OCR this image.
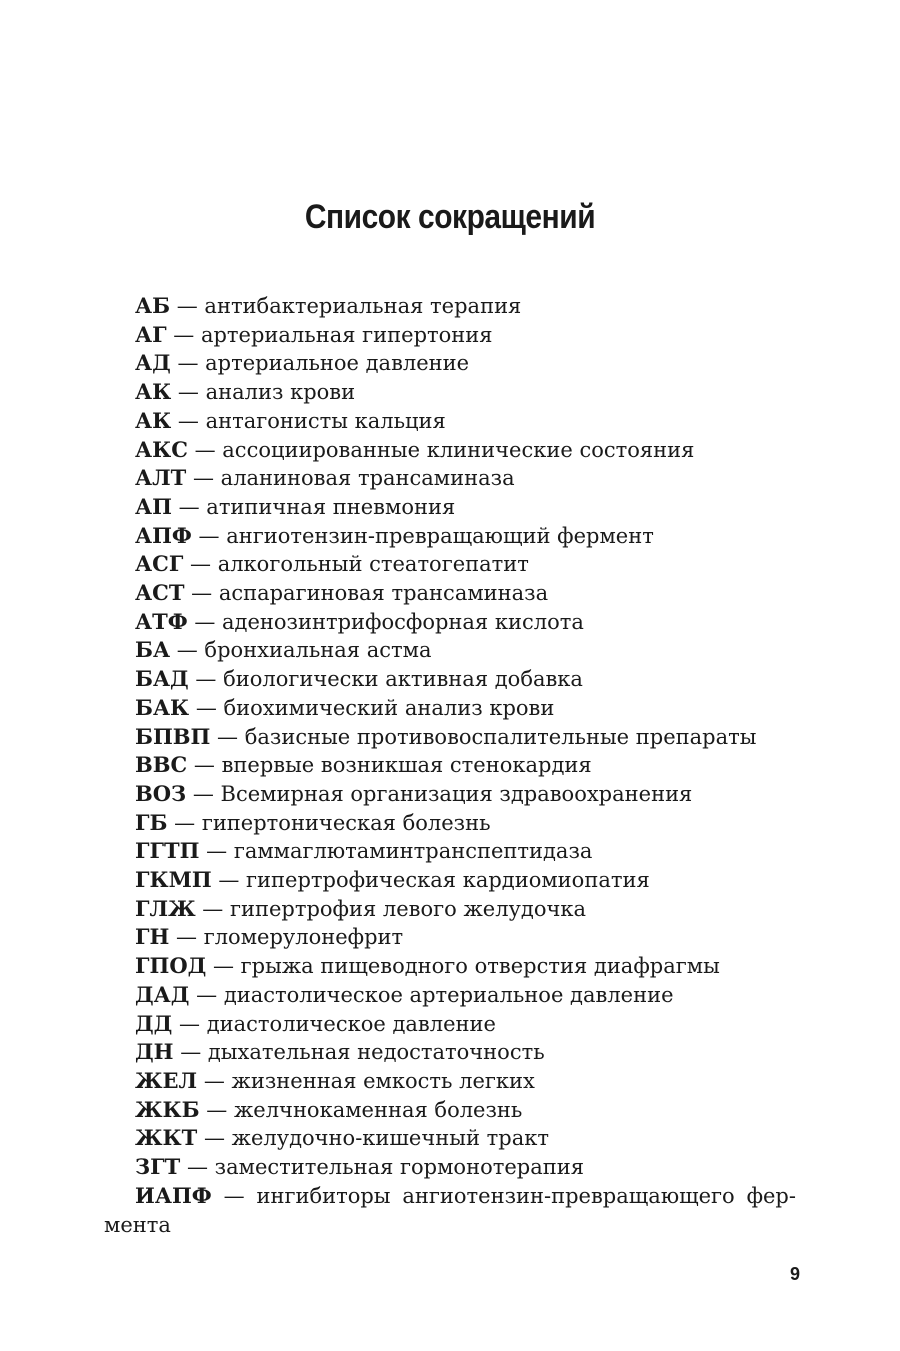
Список сокращений
АБ — антибактериальная терапия
АГ — артериальная гипертония
АД — артериальное давление
АК — анализ крови
АК — антагонисты кальция
АКС — ассоциированные клинические состояния
АЛТ — аланиновая трансаминаза
АП — атипичная пневмония
АПФ — ангиотензин-превращающий фермент
АСГ — алкогольный стеатогепатит
АСТ — аспарагиновая трансаминаза
АТФ — аденозинтрифосфорная кислота
БА — бронхиальная астма
БАД — биологически активная добавка
БАК — биохимический анализ крови
БПВП — базисные противовоспалительные препараты
ВВС — впервые возникшая стенокардия
ВОЗ — Всемирная организация здравоохранения
ГБ — гипертоническая болезнь
ГГТП — гаммаглютаминтранспептидаза
ГКМП — гипертрофическая кардиомиопатия
ГЛЖ — гипертрофия левого желудочка
ГН — гломерулонефрит
ГПОД — грыжа пищеводного отверстия диафрагмы
ДАД — диастолическое артериальное давление
ДД — диастолическое давление
ДН — дыхательная недостаточность
ЖЕЛ — жизненная емкость легких
ЖКБ — желчнокаменная болезнь
ЖКТ — желудочно-кишечный тракт
ЗГТ — заместительная гормонотерапия
ИАПФ — ингибиторы ангиотензин-превращающего фермента
9
